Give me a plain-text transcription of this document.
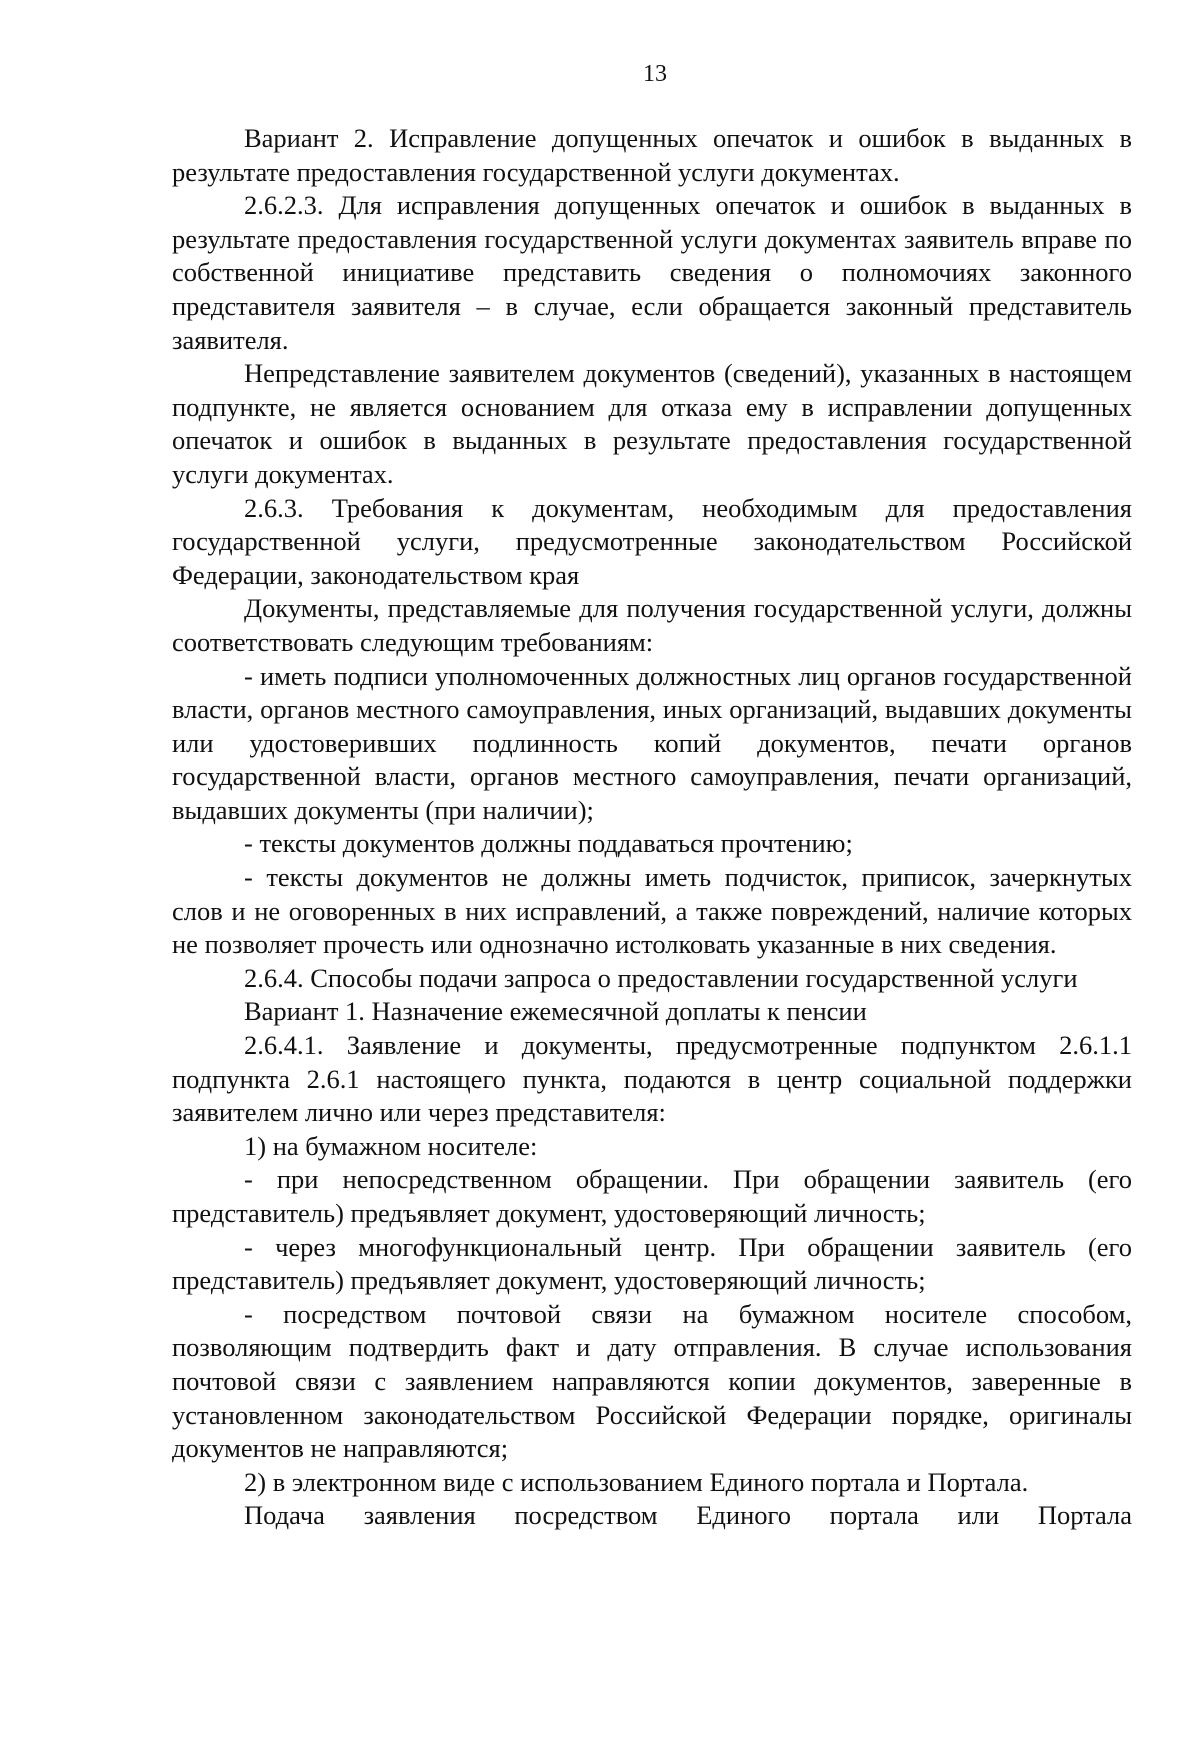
13

Вариант 2. Исправление допущенных опечаток и ошибок в выданных в результате предоставления государственной услуги документах.

2.6.2.3. Для исправления допущенных опечаток и ошибок в выданных в результате предоставления государственной услуги документах заявитель вправе по собственной инициативе представить сведения о полномочиях законного представителя заявителя – в случае, если обращается законный представитель заявителя.

Непредставление заявителем документов (сведений), указанных в настоящем подпункте, не является основанием для отказа ему в исправлении допущенных опечаток и ошибок в выданных в результате предоставления государственной услуги документах.

2.6.3. Требования к документам, необходимым для предоставления государственной услуги, предусмотренные законодательством Российской Федерации, законодательством края

Документы, представляемые для получения государственной услуги, должны соответствовать следующим требованиям:

- иметь подписи уполномоченных должностных лиц органов государственной власти, органов местного самоуправления, иных организаций, выдавших документы или удостоверивших подлинность копий документов, печати органов государственной власти, органов местного самоуправления, печати организаций, выдавших документы (при наличии);

- тексты документов должны поддаваться прочтению;

- тексты документов не должны иметь подчисток, приписок, зачеркнутых слов и не оговоренных в них исправлений, а также повреждений, наличие которых не позволяет прочесть или однозначно истолковать указанные в них сведения.

2.6.4. Способы подачи запроса о предоставлении государственной услуги

Вариант 1. Назначение ежемесячной доплаты к пенсии

2.6.4.1. Заявление и документы, предусмотренные подпунктом 2.6.1.1 подпункта 2.6.1 настоящего пункта, подаются в центр социальной поддержки заявителем лично или через представителя:

1) на бумажном носителе:

- при непосредственном обращении. При обращении заявитель (его представитель) предъявляет документ, удостоверяющий личность;

- через многофункциональный центр. При обращении заявитель (его представитель) предъявляет документ, удостоверяющий личность;

- посредством почтовой связи на бумажном носителе способом, позволяющим подтвердить факт и дату отправления. В случае использования почтовой связи с заявлением направляются копии документов, заверенные в установленном законодательством Российской Федерации порядке, оригиналы документов не направляются;

2) в электронном виде с использованием Единого портала и Портала.

Подача заявления посредством Единого портала или Портала
